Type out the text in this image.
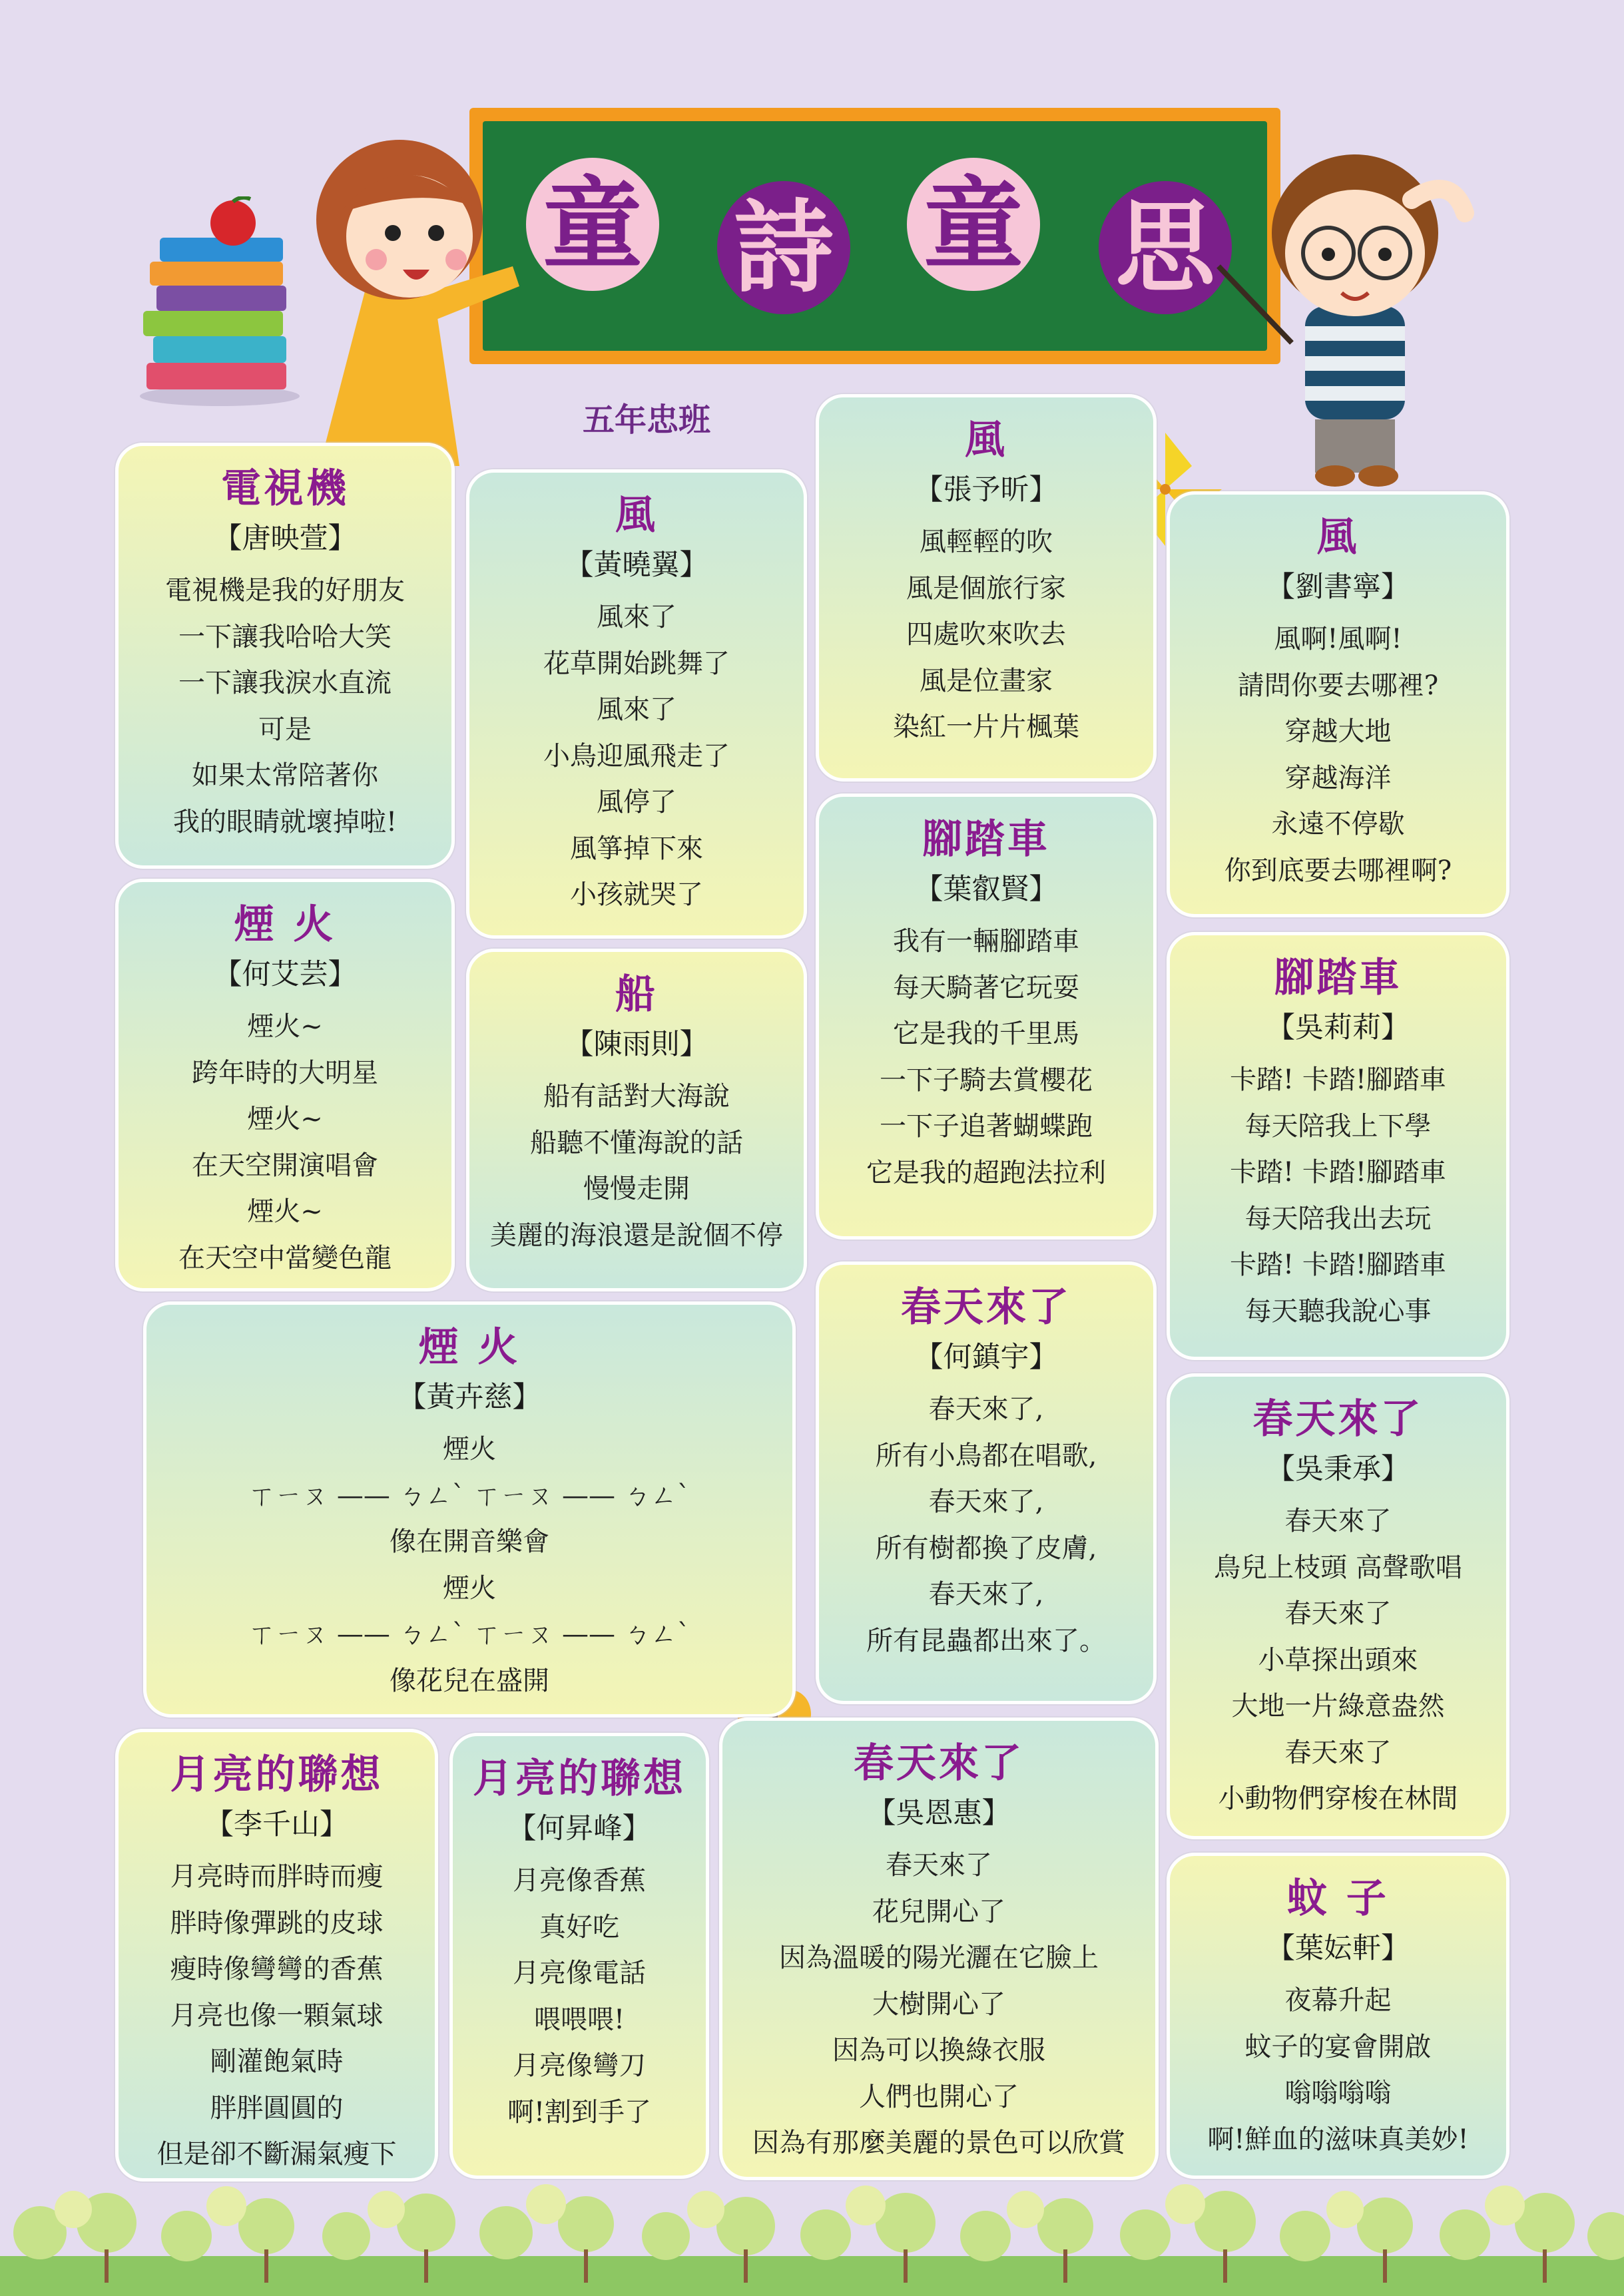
童 詩 童 思
五年忠班
電視機
【唐映萱】
電視機是我的好朋友
一下讓我哈哈大笑
一下讓我淚水直流
可是
如果太常陪著你
我的眼睛就壞掉啦!
煙 火
【何艾芸】
煙火~
跨年時的大明星
煙火~
在天空開演唱會
煙火~
在天空中當變色龍
風
【黃曉翼】
風來了
花草開始跳舞了
風來了
小鳥迎風飛走了
風停了
風箏掉下來
小孩就哭了
船
【陳雨則】
船有話對大海說
船聽不懂海說的話
慢慢走開
美麗的海浪還是說個不停
煙 火
【黃卉慈】
煙火
ㄒㄧㄡ —— ㄅㄥˋ ㄒㄧㄡ —— ㄅㄥˋ
像在開音樂會
煙火
ㄒㄧㄡ —— ㄅㄥˋ ㄒㄧㄡ —— ㄅㄥˋ
像花兒在盛開
風
【張予昕】
風輕輕的吹
風是個旅行家
四處吹來吹去
風是位畫家
染紅一片片楓葉
腳踏車
【葉叡賢】
我有一輛腳踏車
每天騎著它玩耍
它是我的千里馬
一下子騎去賞櫻花
一下子追著蝴蝶跑
它是我的超跑法拉利
春天來了
【何鎮宇】
春天來了,
所有小鳥都在唱歌,
春天來了,
所有樹都換了皮膚,
春天來了,
所有昆蟲都出來了。
風
【劉書寧】
風啊!風啊!
請問你要去哪裡?
穿越大地
穿越海洋
永遠不停歇
你到底要去哪裡啊?
腳踏車
【吳莉莉】
卡踏! 卡踏!腳踏車
每天陪我上下學
卡踏! 卡踏!腳踏車
每天陪我出去玩
卡踏! 卡踏!腳踏車
每天聽我說心事
春天來了
【吳秉承】
春天來了
鳥兒上枝頭 高聲歌唱
春天來了
小草探出頭來
大地一片綠意盎然
春天來了
小動物們穿梭在林間
蚊 子
【葉妘軒】
夜幕升起
蚊子的宴會開啟
嗡嗡嗡嗡
啊!鮮血的滋味真美妙!
月亮的聯想
【李千山】
月亮時而胖時而瘦
胖時像彈跳的皮球
瘦時像彎彎的香蕉
月亮也像一顆氣球
剛灌飽氣時
胖胖圓圓的
但是卻不斷漏氣瘦下
月亮的聯想
【何昇峰】
月亮像香蕉
真好吃
月亮像電話
喂喂喂!
月亮像彎刀
啊!割到手了
春天來了
【吳恩惠】
春天來了
花兒開心了
因為溫暖的陽光灑在它臉上
大樹開心了
因為可以換綠衣服
人們也開心了
因為有那麼美麗的景色可以欣賞
